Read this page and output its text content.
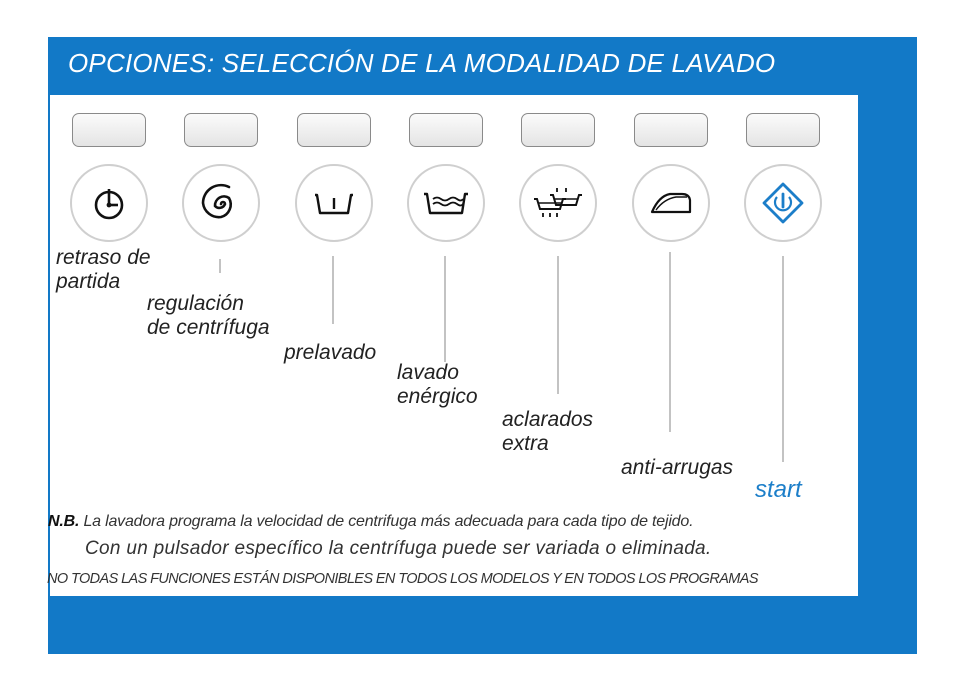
OPCIONES: SELECCIÓN DE LA MODALIDAD DE LAVADO
retraso de
partida
regulación
de centrífuga
prelavado
lavado
enérgico
aclarados
extra
anti-arrugas
start
N.B. La lavadora programa la velocidad de centrifuga más adecuada para cada tipo de tejido.
Con un pulsador específico la centrífuga puede ser variada o eliminada.
NO TODAS LAS FUNCIONES ESTÁN DISPONIBLES EN TODOS LOS MODELOS Y EN TODOS LOS PROGRAMAS
